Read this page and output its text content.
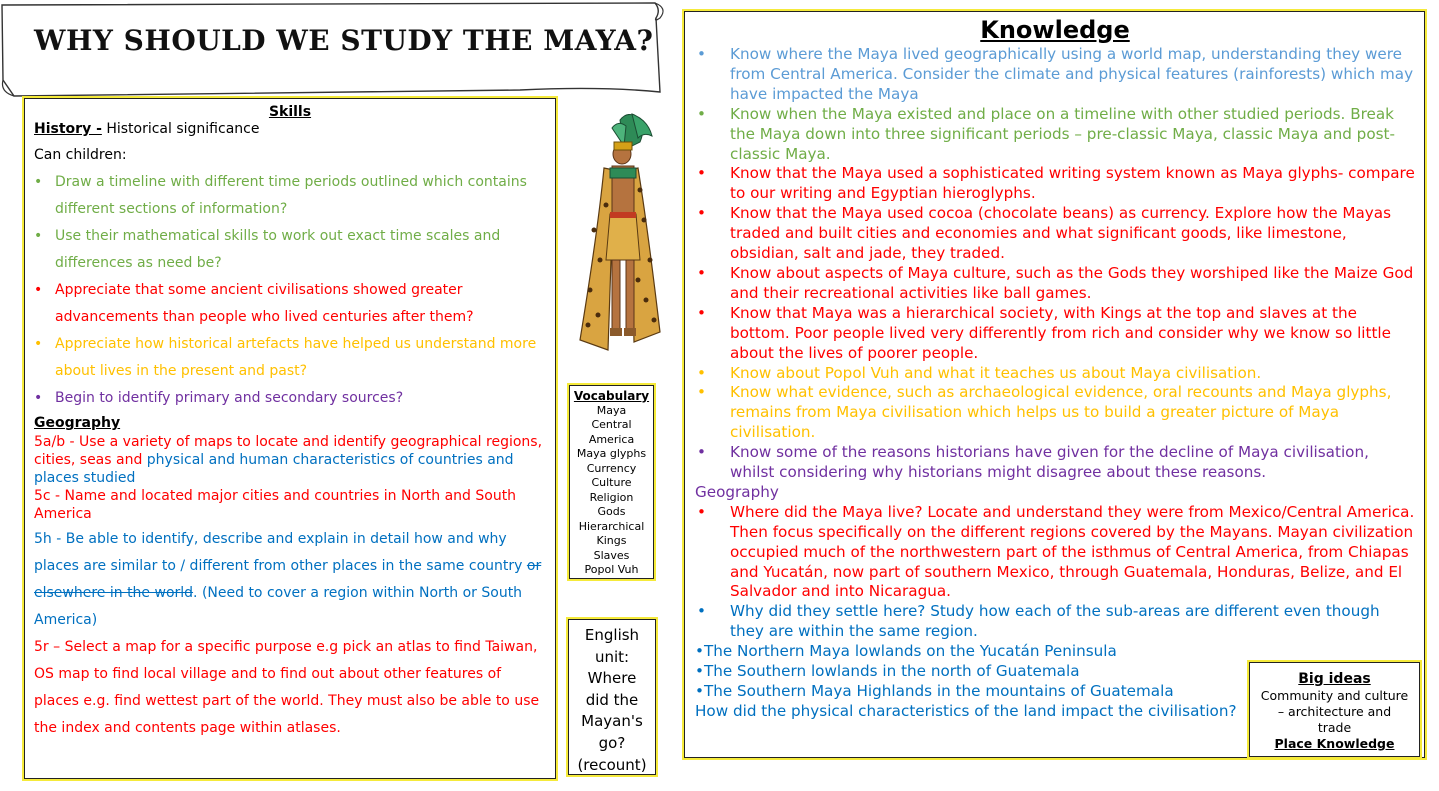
WHY SHOULD WE STUDY THE MAYA?
Skills
History - Historical significance
Can children:
• Draw a timeline with different time periods outlined which contains different sections of information?
• Use their mathematical skills to work out exact time scales and differences as need be?
• Appreciate that some ancient civilisations showed greater advancements than people who lived centuries after them?
• Appreciate how historical artefacts have helped us understand more about lives in the present and past?
• Begin to identify primary and secondary sources?
Geography
5a/b - Use a variety of maps to locate and identify geographical regions, cities, seas and physical and human characteristics of countries and places studied
5c - Name and located major cities and countries in North and South America
5h - Be able to identify, describe and explain in detail how and why places are similar to / different from other places in the same country or elsewhere in the world. (Need to cover a region within North or South America)
5r – Select a map for a specific purpose e.g pick an atlas to find Taiwan, OS map to find local village and to find out about other features of places e.g. find wettest part of the world. They must also be able to use the index and contents page within atlases.
Vocabulary
Maya
Central
America
Maya glyphs
Currency
Culture
Religion
Gods
Hierarchical
Kings
Slaves
Popol Vuh
English
unit:
Where
did the
Mayan's
go?
(recount)
Knowledge
• Know where the Maya lived geographically using a world map, understanding they were from Central America. Consider the climate and physical features (rainforests) which may have impacted the Maya
• Know when the Maya existed and place on a timeline with other studied periods. Break the Maya down into three significant periods – pre-classic Maya, classic Maya and post-classic Maya.
• Know that the Maya used a sophisticated writing system known as Maya glyphs- compare to our writing and Egyptian hieroglyphs.
• Know that the Maya used cocoa (chocolate beans) as currency. Explore how the Mayas traded and built cities and economies and what significant goods, like limestone, obsidian, salt and jade, they traded.
• Know about aspects of Maya culture, such as the Gods they worshiped like the Maize God and their recreational activities like ball games.
• Know that Maya was a hierarchical society, with Kings at the top and slaves at the bottom. Poor people lived very differently from rich and consider why we know so little about the lives of poorer people.
• Know about Popol Vuh and what it teaches us about Maya civilisation.
• Know what evidence, such as archaeological evidence, oral recounts and Maya glyphs, remains from Maya civilisation which helps us to build a greater picture of Maya civilisation.
• Know some of the reasons historians have given for the decline of Maya civilisation, whilst considering why historians might disagree about these reasons.
Geography
• Where did the Maya live? Locate and understand they were from Mexico/Central America. Then focus specifically on the different regions covered by the Mayans. Mayan civilization occupied much of the northwestern part of the isthmus of Central America, from Chiapas and Yucatán, now part of southern Mexico, through Guatemala, Honduras, Belize, and El Salvador and into Nicaragua.
• Why did they settle here? Study how each of the sub-areas are different even though they are within the same region.
•The Northern Maya lowlands on the Yucatán Peninsula
•The Southern lowlands in the north of Guatemala
•The Southern Maya Highlands in the mountains of Guatemala
How did the physical characteristics of the land impact the civilisation?
Big ideas
Community and culture
– architecture and
trade
Place Knowledge
